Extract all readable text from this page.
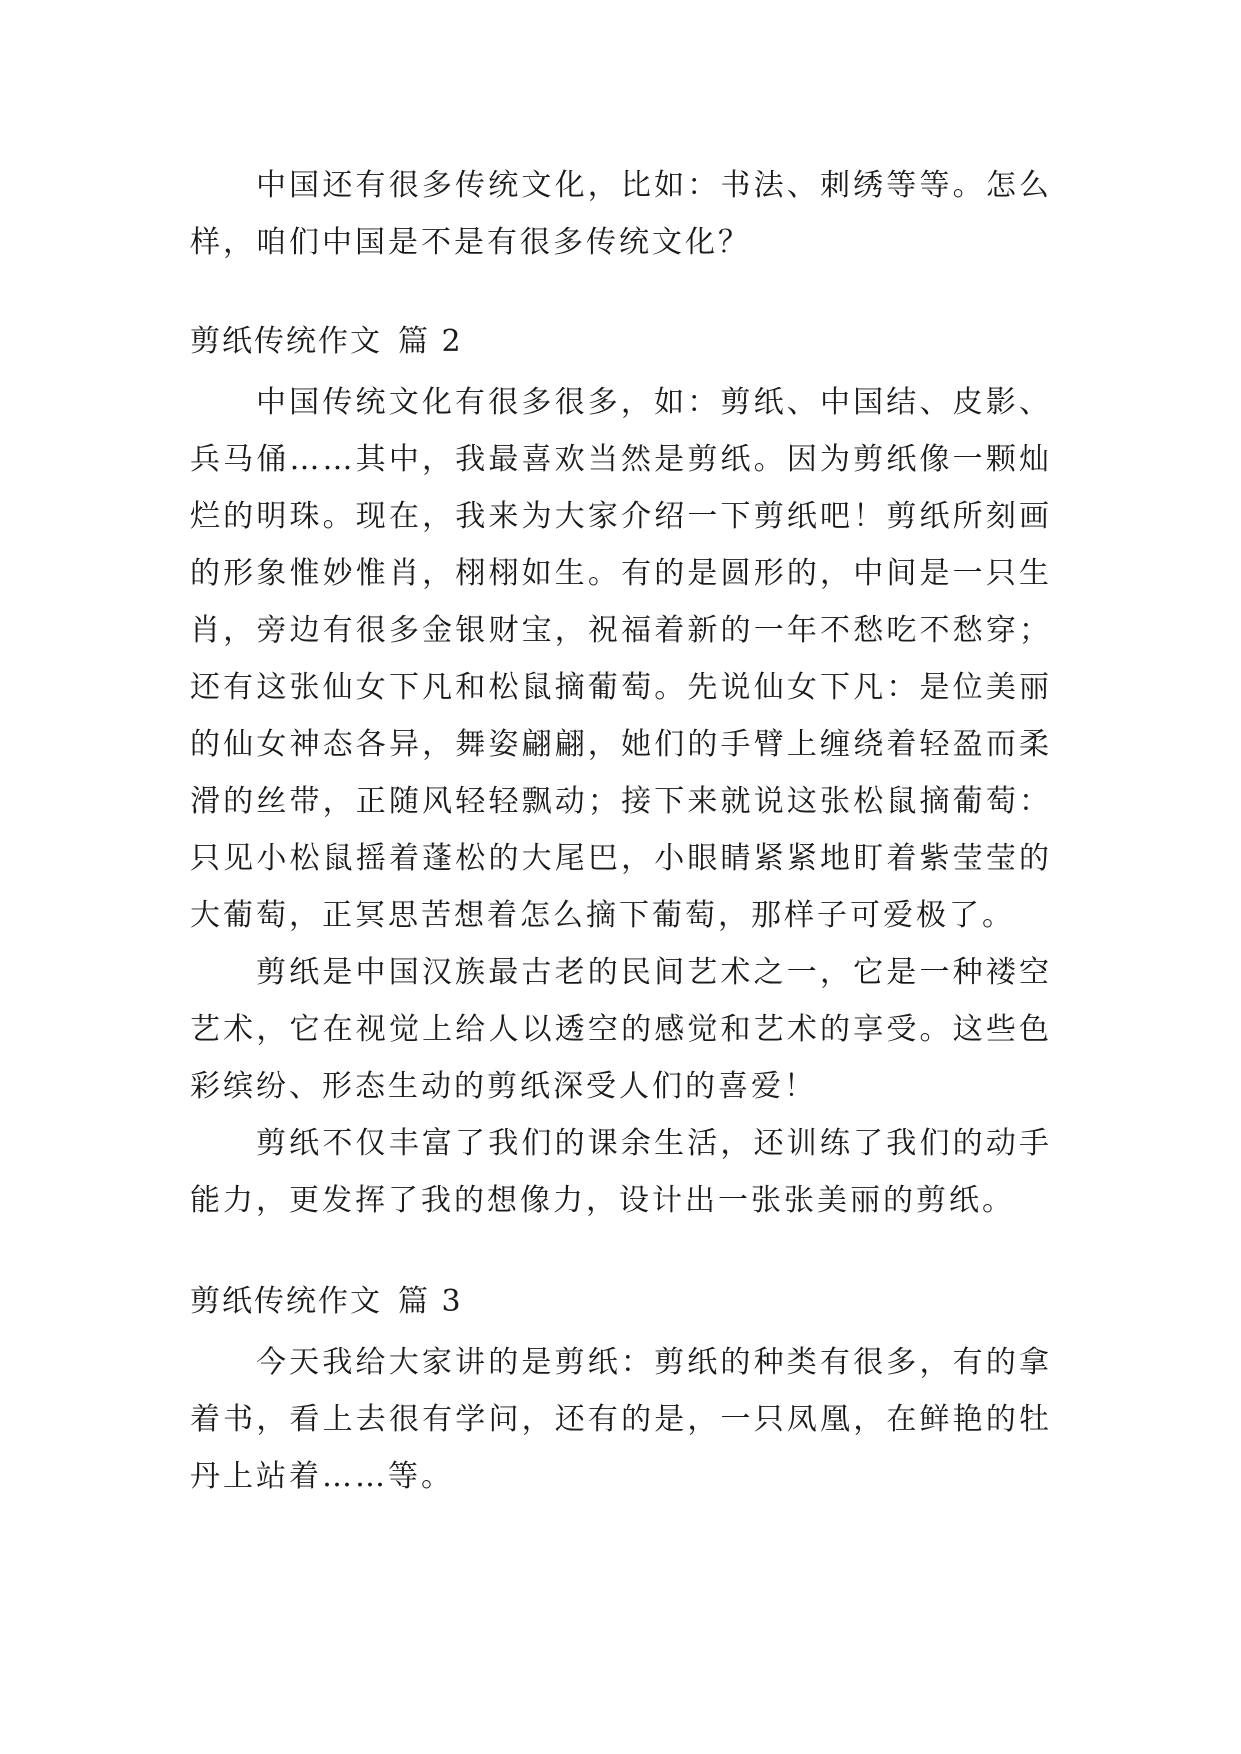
中国还有很多传统文化，比如：书法、刺绣等等。怎么样，咱们中国是不是有很多传统文化？

剪纸传统作文 篇 2

中国传统文化有很多很多，如：剪纸、中国结、皮影、兵马俑……其中，我最喜欢当然是剪纸。因为剪纸像一颗灿烂的明珠。现在，我来为大家介绍一下剪纸吧！剪纸所刻画的形象惟妙惟肖，栩栩如生。有的是圆形的，中间是一只生肖，旁边有很多金银财宝，祝福着新的一年不愁吃不愁穿；还有这张仙女下凡和松鼠摘葡萄。先说仙女下凡：是位美丽的仙女神态各异，舞姿翩翩，她们的手臂上缠绕着轻盈而柔滑的丝带，正随风轻轻飘动；接下来就说这张松鼠摘葡萄：只见小松鼠摇着蓬松的大尾巴，小眼睛紧紧地盯着紫莹莹的大葡萄，正冥思苦想着怎么摘下葡萄，那样子可爱极了。

剪纸是中国汉族最古老的民间艺术之一，它是一种褛空艺术，它在视觉上给人以透空的感觉和艺术的享受。这些色彩缤纷、形态生动的剪纸深受人们的喜爱！

剪纸不仅丰富了我们的课余生活，还训练了我们的动手能力，更发挥了我的想像力，设计出一张张美丽的剪纸。

剪纸传统作文 篇 3

今天我给大家讲的是剪纸：剪纸的种类有很多，有的拿着书，看上去很有学问，还有的是，一只凤凰，在鲜艳的牡丹上站着……等。
